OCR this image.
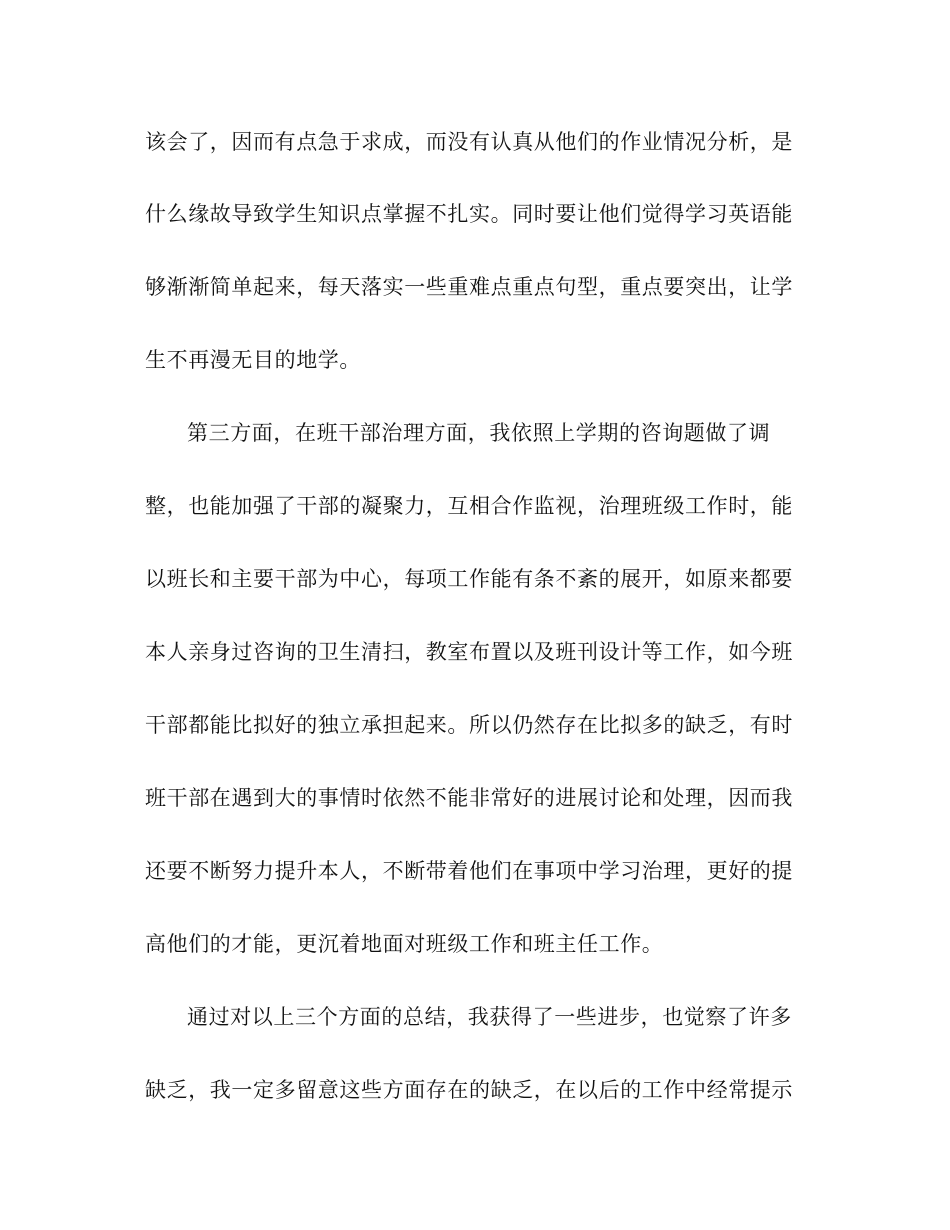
该会了，因而有点急于求成，而没有认真从他们的作业情况分析，是
什么缘故导致学生知识点掌握不扎实。同时要让他们觉得学习英语能
够渐渐简单起来，每天落实一些重难点重点句型，重点要突出，让学
生不再漫无目的地学。
第三方面，在班干部治理方面，我依照上学期的咨询题做了调
整，也能加强了干部的凝聚力，互相合作监视，治理班级工作时，能
以班长和主要干部为中心，每项工作能有条不紊的展开，如原来都要
本人亲身过咨询的卫生清扫，教室布置以及班刊设计等工作，如今班
干部都能比拟好的独立承担起来。所以仍然存在比拟多的缺乏，有时
班干部在遇到大的事情时依然不能非常好的进展讨论和处理，因而我
还要不断努力提升本人，不断带着他们在事项中学习治理，更好的提
高他们的才能，更沉着地面对班级工作和班主任工作。
通过对以上三个方面的总结，我获得了一些进步，也觉察了许多
缺乏，我一定多留意这些方面存在的缺乏，在以后的工作中经常提示
